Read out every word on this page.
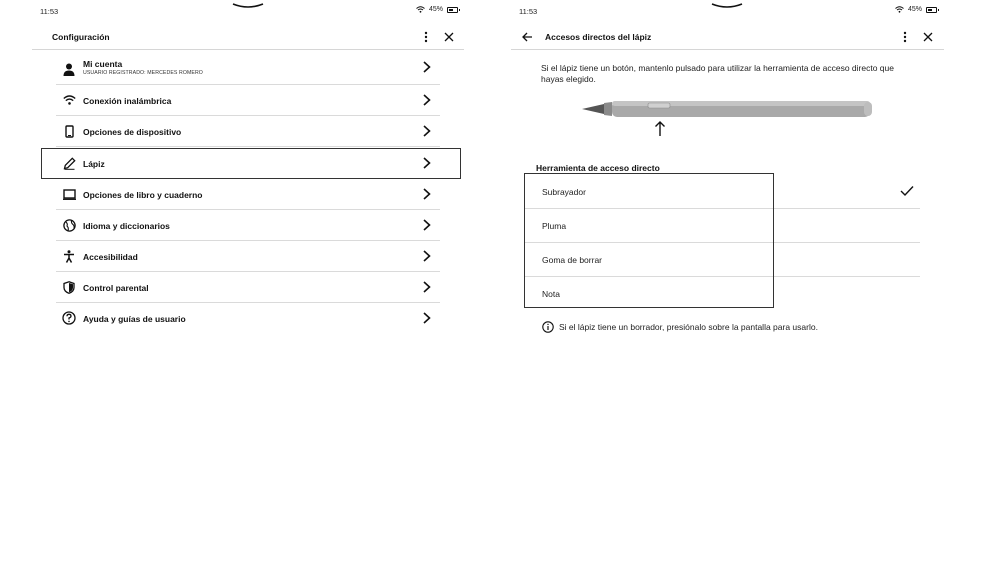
11:53	45%
Configuración
Mi cuenta
USUARIO REGISTRADO: MERCEDES ROMERO
Conexión inalámbrica
Opciones de dispositivo
Lápiz
Opciones de libro y cuaderno
Idioma y diccionarios
Accesibilidad
Control parental
Ayuda y guías de usuario
11:53	45%
Accesos directos del lápiz
Si el lápiz tiene un botón, mantenlo pulsado para utilizar la herramienta de acceso directo que hayas elegido.
Herramienta de acceso directo
Subrayador
Pluma
Goma de borrar
Nota
Si el lápiz tiene un borrador, presiónalo sobre la pantalla para usarlo.
